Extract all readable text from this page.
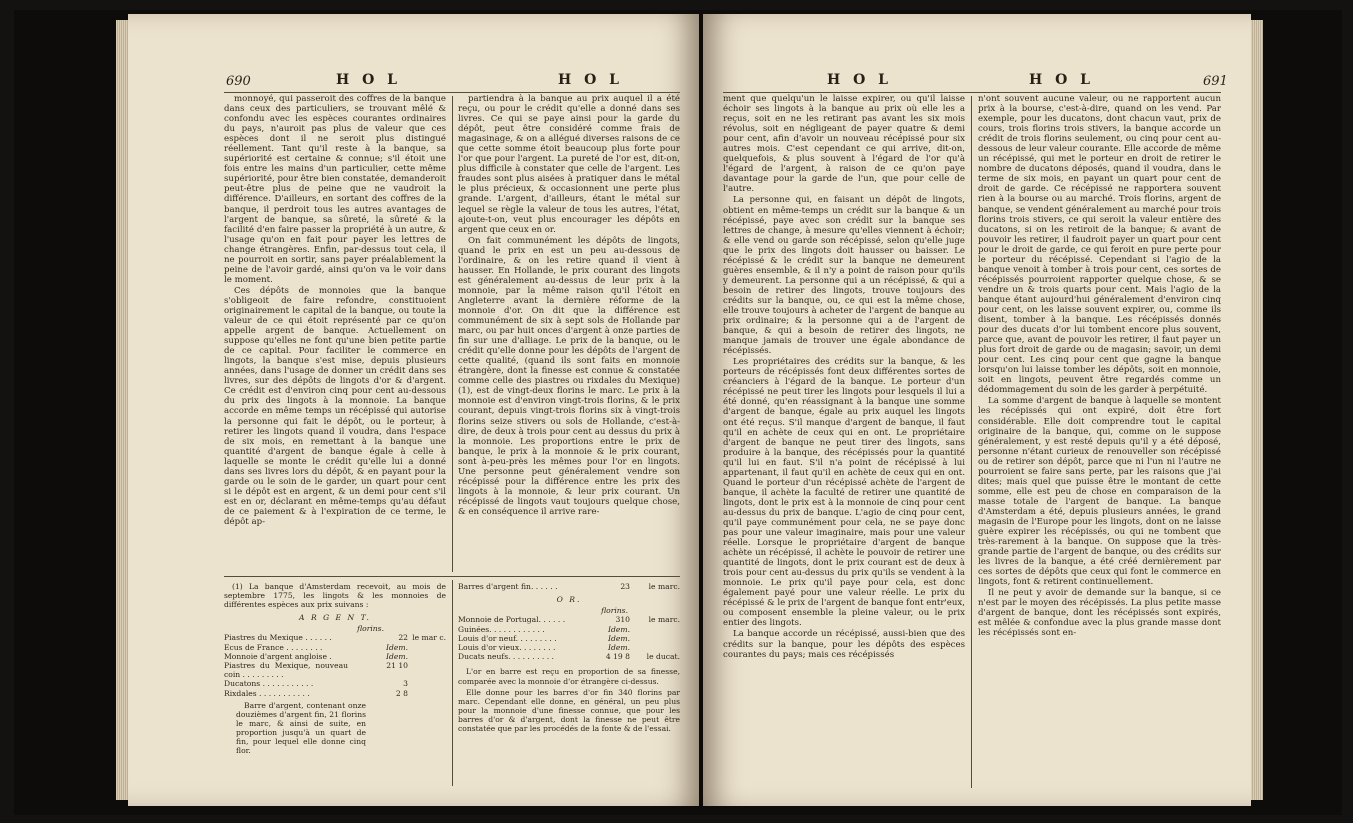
690	H O L	H O L

monnoyé, qui passeroit des coffres de la banque dans ceux des particuliers, se trouvant mêlé & confondu avec les espèces courantes ordinaires du pays, n'auroit pas plus de valeur que ces espèces dont il ne seroit plus distingué réellement. Tant qu'il reste à la banque, sa supériorité est certaine & connue; s'il étoit une fois entre les mains d'un particulier, cette même supériorité, pour être bien constatée, demanderoit peut-être plus de peine que ne vaudroit la différence. D'ailleurs, en sortant des coffres de la banque, il perdroit tous les autres avantages de l'argent de banque, sa sûreté, la sûreté & la facilité d'en faire passer la propriété à un autre, & l'usage qu'on en fait pour payer les lettres de change étrangères. Enfin, par-dessus tout cela, il ne pourroit en sortir, sans payer préalablement la peine de l'avoir gardé, ainsi qu'on va le voir dans le moment.

Ces dépôts de monnoies que la banque s'obligeoit de faire refondre, constituoient originairement le capital de la banque, ou toute la valeur de ce qui étoit représenté par ce qu'on appelle argent de banque. Actuellement on suppose qu'elles ne font qu'une bien petite partie de ce capital. Pour faciliter le commerce en lingots, la banque s'est mise, depuis plusieurs années, dans l'usage de donner un crédit dans ses livres, sur des dépôts de lingots d'or & d'argent. Ce crédit est d'environ cinq pour cent au-dessous du prix des lingots à la monnoie. La banque accorde en même temps un récépissé qui autorise la personne qui fait le dépôt, ou le porteur, à retirer les lingots quand il voudra, dans l'espace de six mois, en remettant à la banque une quantité d'argent de banque égale à celle à laquelle se monte le crédit qu'elle lui a donné dans ses livres lors du dépôt, & en payant pour la garde ou le soin de le garder, un quart pour cent si le dépôt est en argent, & un demi pour cent s'il est en or, déclarant en même-temps qu'au défaut de ce paiement & à l'expiration de ce terme, le dépôt ap-

partiendra à la banque au prix auquel il a été reçu, ou pour le crédit qu'elle a donné dans ses livres. Ce qui se paye ainsi pour la garde du dépôt, peut être considéré comme frais de magasinage, & on a allégué diverses raisons de ce que cette somme étoit beaucoup plus forte pour l'or que pour l'argent. La pureté de l'or est, dit-on, plus difficile à constater que celle de l'argent. Les fraudes sont plus aisées à pratiquer dans le métal le plus précieux, & occasionnent une perte plus grande. L'argent, d'ailleurs, étant le métal sur lequel se règle la valeur de tous les autres, l'état, ajoute-t-on, veut plus encourager les dépôts en argent que ceux en or.

On fait communément les dépôts de lingots, quand le prix en est un peu au-dessous de l'ordinaire, & on les retire quand il vient à hausser. En Hollande, le prix courant des lingots est généralement au-dessus de leur prix à la monnoie, par la même raison qu'il l'étoit en Angleterre avant la dernière réforme de la monnoie d'or. On dit que la différence est communément de six à sept sols de Hollande par marc, ou par huit onces d'argent à onze parties de fin sur une d'alliage. Le prix de la banque, ou le crédit qu'elle donne pour les dépôts de l'argent de cette qualité, (quand ils sont faits en monnoie étrangère, dont la finesse est connue & constatée comme celle des piastres ou rixdales du Mexique) (1), est de vingt-deux florins le marc. Le prix à la monnoie est d'environ vingt-trois florins, & le prix courant, depuis vingt-trois florins six à vingt-trois florins seize stivers ou sols de Hollande, c'est-à-dire, de deux à trois pour cent au dessus du prix à la monnoie. Les proportions entre le prix de banque, le prix à la monnoie & le prix courant, sont à-peu-près les mêmes pour l'or en lingots. Une personne peut généralement vendre son récépissé pour la différence entre les prix des lingots à la monnoie, & leur prix courant. Un récépissé de lingots vaut toujours quelque chose, & en conséquence il arrive rare-

(1) La banque d'Amsterdam recevoit, au mois de septembre 1775, les lingots & les monnoies de différentes espèces aux prix suivans :

A R G E N T.
florins.
Piastres du Mexique . . . . . .	22	le mar c.
Ecus de France . . . . . . . .	Idem.	
Monnoie d'argent angloise .	Idem.	
Piastres du Mexique, nouveau coin . . . . . . . . .	21 10	
Ducatons . . . . . . . . . . .	3	
Rixdales . . . . . . . . . . .	2 8	

Barre d'argent, contenant onze douzièmes d'argent fin, 21 florins le marc, & ainsi de suite, en proportion jusqu'à un quart de fin, pour lequel elle donne cinq flor.

Barres d'argent fin. . . . . .	23	le marc.
O R.
florins.
Monnoie de Portugal. . . . . .	310	le marc.
Guinées. . . . . . . . . . . .	Idem.	
Louis d'or neuf. . . . . . . . .	Idem.	
Louis d'or vieux. . . . . . . .	Idem.	
Ducats neufs. . . . . . . . . .	4 19 8	le ducat.

L'or en barre est reçu en proportion de sa finesse, comparée avec la monnoie d'or étrangère ci-dessus.

Elle donne pour les barres d'or fin 340 florins par marc. Cependant elle donne, en général, un peu plus pour la monnoie d'une finesse connue, que pour les barres d'or & d'argent, dont la finesse ne peut être constatée que par les procédés de la fonte & de l'essai.

H O L	H O L	691

ment que quelqu'un le laisse expirer, ou qu'il laisse échoir ses lingots à la banque au prix où elle les a reçus, soit en ne les retirant pas avant les six mois révolus, soit en négligeant de payer quatre & demi pour cent, afin d'avoir un nouveau récépissé pour six autres mois. C'est cependant ce qui arrive, dit-on, quelquefois, & plus souvent à l'égard de l'or qu'à l'égard de l'argent, à raison de ce qu'on paye davantage pour la garde de l'un, que pour celle de l'autre.

La personne qui, en faisant un dépôt de lingots, obtient en même-temps un crédit sur la banque & un récépissé, paye avec son crédit sur la banque ses lettres de change, à mesure qu'elles viennent à échoir; & elle vend ou garde son récépissé, selon qu'elle juge que le prix des lingots doit hausser ou baisser. Le récépissé & le crédit sur la banque ne demeurent guères ensemble, & il n'y a point de raison pour qu'ils y demeurent. La personne qui a un récépissé, & qui a besoin de retirer des lingots, trouve toujours des crédits sur la banque, ou, ce qui est la même chose, elle trouve toujours à acheter de l'argent de banque au prix ordinaire; & la personne qui a de l'argent de banque, & qui a besoin de retirer des lingots, ne manque jamais de trouver une égale abondance de récépissés.

Les propriétaires des crédits sur la banque, & les porteurs de récépissés font deux différentes sortes de créanciers à l'égard de la banque. Le porteur d'un récépissé ne peut tirer les lingots pour lesquels il lui a été donné, qu'en réassignant à la banque une somme d'argent de banque, égale au prix auquel les lingots ont été reçus. S'il manque d'argent de banque, il faut qu'il en achète de ceux qui en ont. Le propriétaire d'argent de banque ne peut tirer des lingots, sans produire à la banque, des récépissés pour la quantité qu'il lui en faut. S'il n'a point de récépissé à lui appartenant, il faut qu'il en achète de ceux qui en ont. Quand le porteur d'un récépissé achète de l'argent de banque, il achète la faculté de retirer une quantité de lingots, dont le prix est à la monnoie de cinq pour cent au-dessus du prix de banque. L'agio de cinq pour cent, qu'il paye communément pour cela, ne se paye donc pas pour une valeur imaginaire, mais pour une valeur réelle. Lorsque le propriétaire d'argent de banque achète un récépissé, il achète le pouvoir de retirer une quantité de lingots, dont le prix courant est de deux à trois pour cent au-dessus du prix qu'ils se vendent à la monnoie. Le prix qu'il paye pour cela, est donc également payé pour une valeur réelle. Le prix du récépissé & le prix de l'argent de banque font entr'eux, ou composent ensemble la pleine valeur, ou le prix entier des lingots.

La banque accorde un récépissé, aussi-bien que des crédits sur la banque, pour les dépôts des espèces courantes du pays; mais ces récépissés

n'ont souvent aucune valeur, ou ne rapportent aucun prix à la bourse, c'est-à-dire, quand on les vend. Par exemple, pour les ducatons, dont chacun vaut, prix de cours, trois florins trois stivers, la banque accorde un crédit de trois florins seulement, ou cinq pour cent au-dessous de leur valeur courante. Elle accorde de même un récépissé, qui met le porteur en droit de retirer le nombre de ducatons déposés, quand il voudra, dans le terme de six mois, en payant un quart pour cent de droit de garde. Ce récépissé ne rapportera souvent rien à la bourse ou au marché. Trois florins, argent de banque, se vendent généralement au marché pour trois florins trois stivers, ce qui seroit la valeur entière des ducatons, si on les retiroit de la banque; & avant de pouvoir les retirer, il faudroit payer un quart pour cent pour le droit de garde, ce qui feroit en pure perte pour le porteur du récépissé. Cependant si l'agio de la banque venoit à tomber à trois pour cent, ces sortes de récépissés pourroient rapporter quelque chose, & se vendre un & trois quarts pour cent. Mais l'agio de la banque étant aujourd'hui généralement d'environ cinq pour cent, on les laisse souvent expirer, ou, comme ils disent, tomber à la banque. Les récépissés donnés pour des ducats d'or lui tombent encore plus souvent, parce que, avant de pouvoir les retirer, il faut payer un plus fort droit de garde ou de magasin; savoir, un demi pour cent. Les cinq pour cent que gagne la banque lorsqu'on lui laisse tomber les dépôts, soit en monnoie, soit en lingots, peuvent être regardés comme un dédommagement du soin de les garder à perpétuité.

La somme d'argent de banque à laquelle se montent les récépissés qui ont expiré, doit être fort considérable. Elle doit comprendre tout le capital originaire de la banque, qui, comme on le suppose généralement, y est resté depuis qu'il y a été déposé, personne n'étant curieux de renouveller son récépissé ou de retirer son dépôt, parce que ni l'un ni l'autre ne pourroient se faire sans perte, par les raisons que j'ai dites; mais quel que puisse être le montant de cette somme, elle est peu de chose en comparaison de la masse totale de l'argent de banque. La banque d'Amsterdam a été, depuis plusieurs années, le grand magasin de l'Europe pour les lingots, dont on ne laisse guère expirer les récépissés, ou qui ne tombent que très-rarement à la banque. On suppose que la très-grande partie de l'argent de banque, ou des crédits sur les livres de la banque, a été créé dernièrement par ces sortes de dépôts que ceux qui font le commerce en lingots, font & retirent continuellement.

Il ne peut y avoir de demande sur la banque, si ce n'est par le moyen des récépissés. La plus petite masse d'argent de banque, dont les récépissés sont expirés, est mêlée & confondue avec la plus grande masse dont les récépissés sont en-
